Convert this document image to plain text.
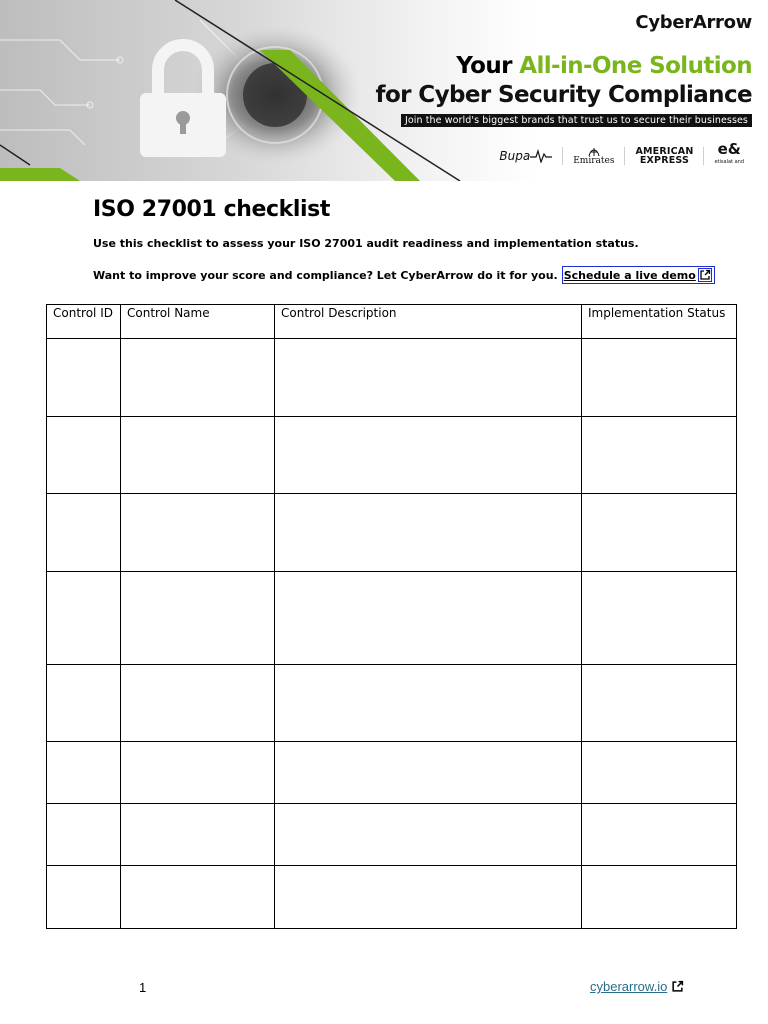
CyberArrow
Your All-in-One Solution
for Cyber Security Compliance
Join the world's biggest brands that trust us to secure their businesses
Bupa	Emirates
AMERICAN
EXPRESS
e&
etisalat and
ISO 27001 checklist

Use this checklist to assess your ISO 27001 audit readiness and implementation status.

Want to improve your score and compliance? Let CyberArrow do it for you. Schedule a live demo

Control ID	Control Name	Control Description	Implementation Status

1	cyberarrow.io
